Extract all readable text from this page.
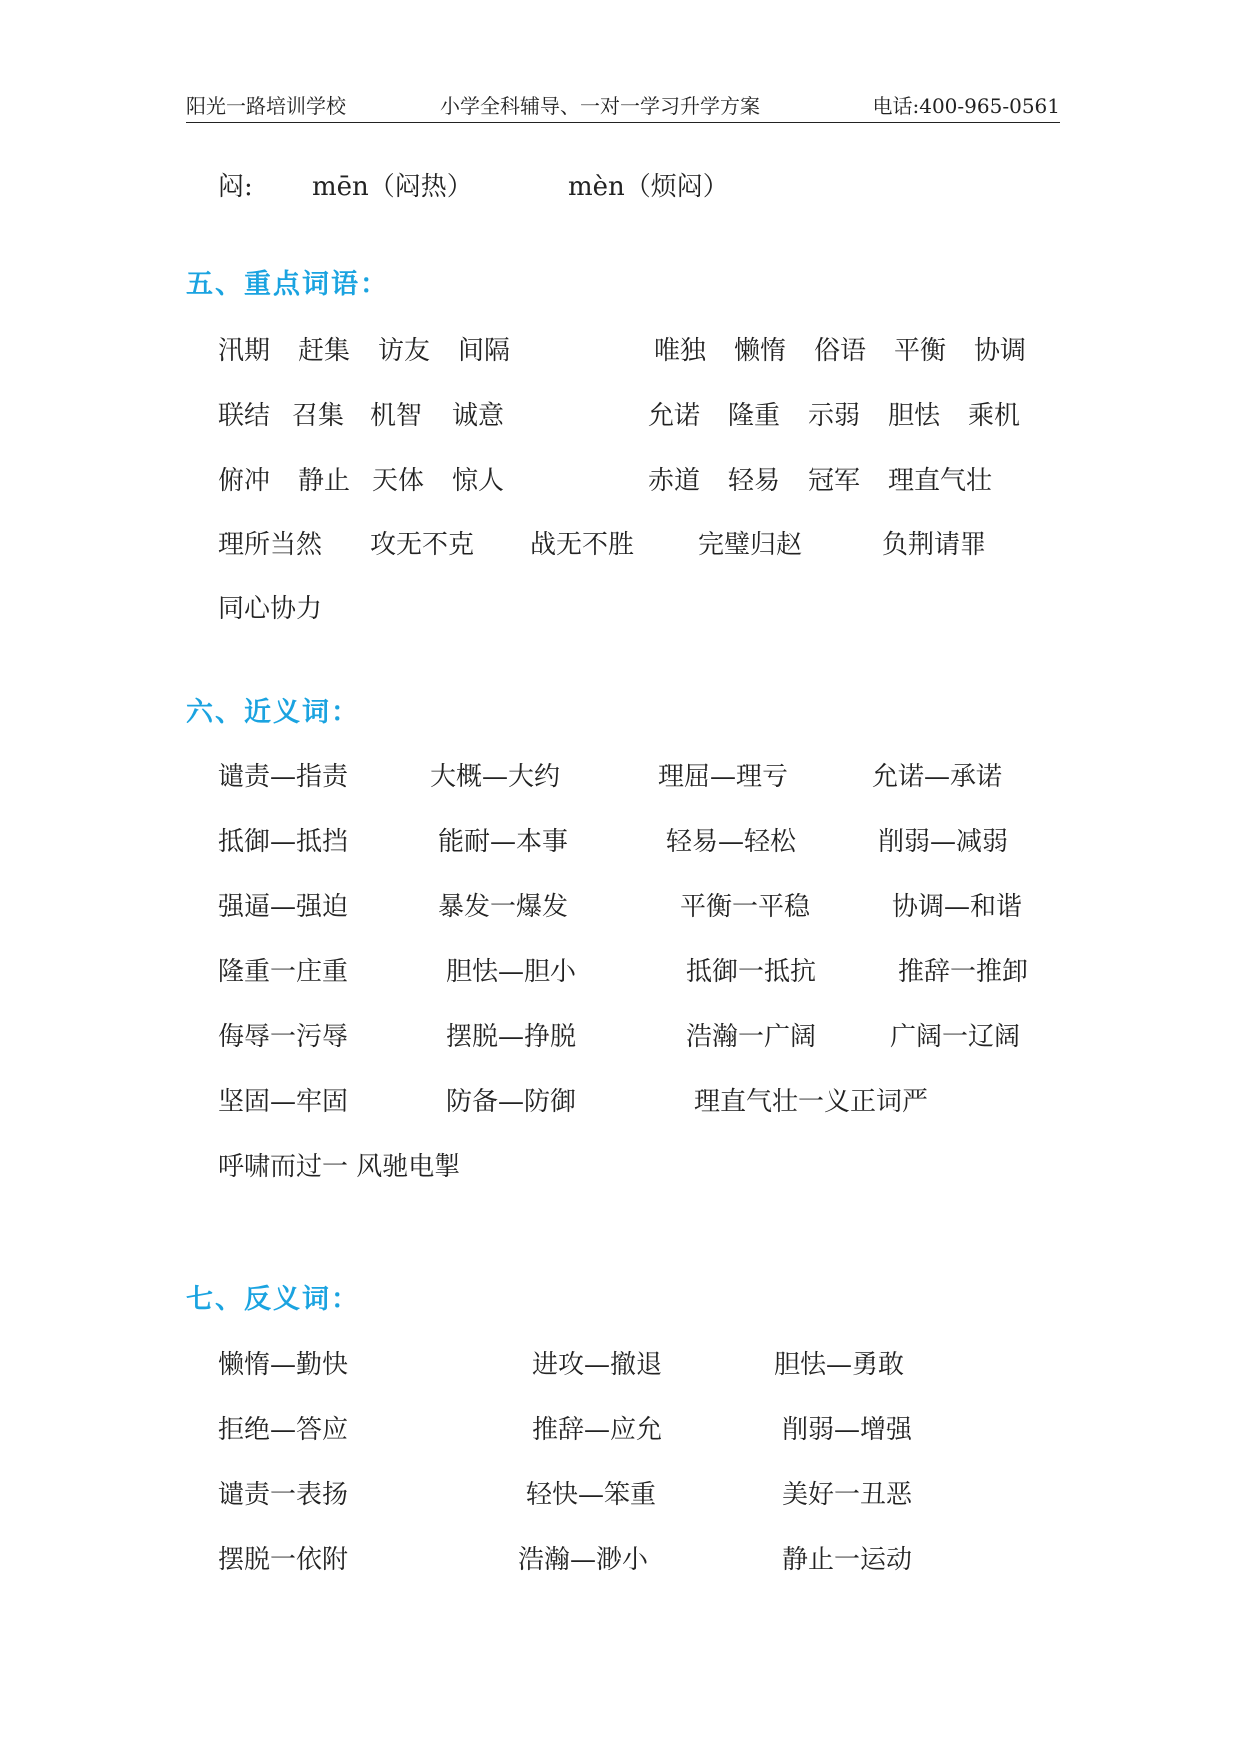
阳光一路培训学校	小学全科辅导、一对一学习升学方案	电话:400-965-0561
闷: mēn（闷热）	mèn（烦闷）
五、重点词语：
汛期 赶集 访友 间隔	唯独 懒惰 俗语 平衡 协调
联结 召集 机智 诚意	允诺 隆重 示弱 胆怯 乘机
俯冲 静止 天体 惊人	赤道 轻易 冠军 理直气壮
理所当然 攻无不克 战无不胜 完璧归赵	负荆请罪
同心协力
六、近义词：
谴责—指责	大概—大约	理屈—理亏	允诺—承诺
抵御—抵挡	能耐—本事	轻易—轻松	削弱—减弱
强逼—强迫	暴发一爆发	平衡一平稳	协调—和谐
隆重一庄重	胆怯—胆小	抵御一抵抗	推辞一推卸
侮辱一污辱	摆脱—挣脱	浩瀚一广阔	广阔一辽阔
坚固—牢固	防备—防御	理直气壮一义正词严
呼啸而过一 风驰电掣
七、反义词：
懒惰—勤快	进攻—撤退	胆怯—勇敢
拒绝—答应	推辞—应允	削弱—增强
谴责一表扬	轻快—笨重	美好一丑恶
摆脱一依附	浩瀚—渺小	静止一运动
